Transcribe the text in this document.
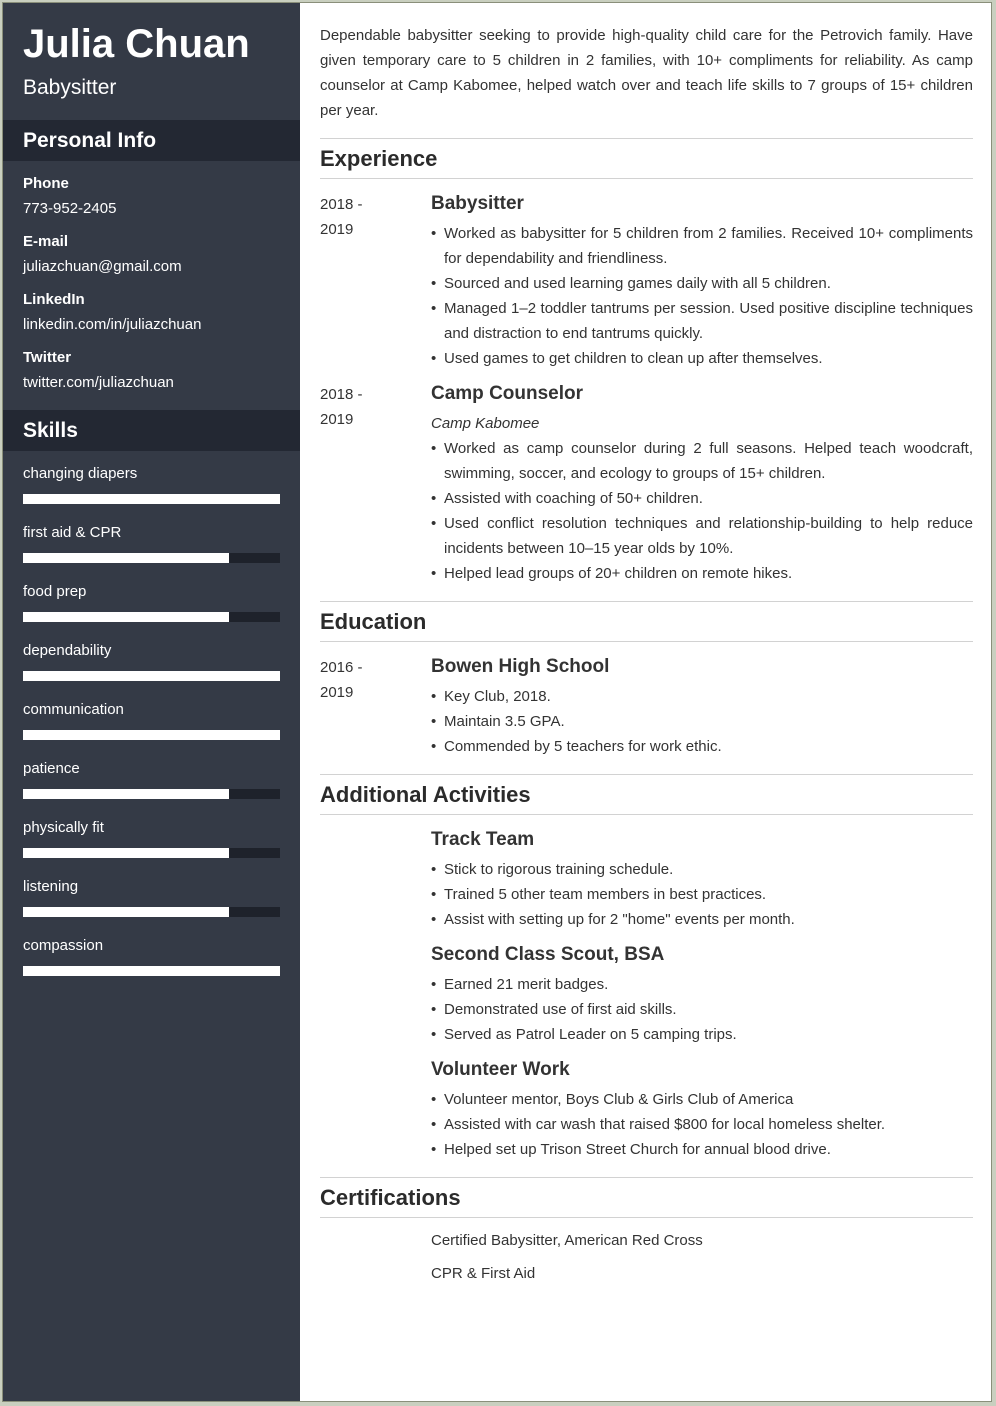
Julia Chuan
Babysitter
Personal Info
Phone
773-952-2405
E-mail
juliazchuan@gmail.com
LinkedIn
linkedin.com/in/juliazchuan
Twitter
twitter.com/juliazchuan
Skills
changing diapers
first aid & CPR
food prep
dependability
communication
patience
physically fit
listening
compassion
Dependable babysitter seeking to provide high-quality child care for the Petrovich family. Have given temporary care to 5 children in 2 families, with 10+ compliments for reliability. As camp counselor at Camp Kabomee, helped watch over and teach life skills to 7 groups of 15+ children per year.
Experience
2018 -
2019
Babysitter
• Worked as babysitter for 5 children from 2 families. Received 10+ compliments for dependability and friendliness.
• Sourced and used learning games daily with all 5 children.
• Managed 1–2 toddler tantrums per session. Used positive discipline techniques and distraction to end tantrums quickly.
• Used games to get children to clean up after themselves.
2018 -
2019
Camp Counselor
Camp Kabomee
• Worked as camp counselor during 2 full seasons. Helped teach woodcraft, swimming, soccer, and ecology to groups of 15+ children.
• Assisted with coaching of 50+ children.
• Used conflict resolution techniques and relationship-building to help reduce incidents between 10–15 year olds by 10%.
• Helped lead groups of 20+ children on remote hikes.
Education
2016 -
2019
Bowen High School
• Key Club, 2018.
• Maintain 3.5 GPA.
• Commended by 5 teachers for work ethic.
Additional Activities
Track Team
• Stick to rigorous training schedule.
• Trained 5 other team members in best practices.
• Assist with setting up for 2 "home" events per month.
Second Class Scout, BSA
• Earned 21 merit badges.
• Demonstrated use of first aid skills.
• Served as Patrol Leader on 5 camping trips.
Volunteer Work
• Volunteer mentor, Boys Club & Girls Club of America
• Assisted with car wash that raised $800 for local homeless shelter.
• Helped set up Trison Street Church for annual blood drive.
Certifications
Certified Babysitter, American Red Cross
CPR & First Aid
